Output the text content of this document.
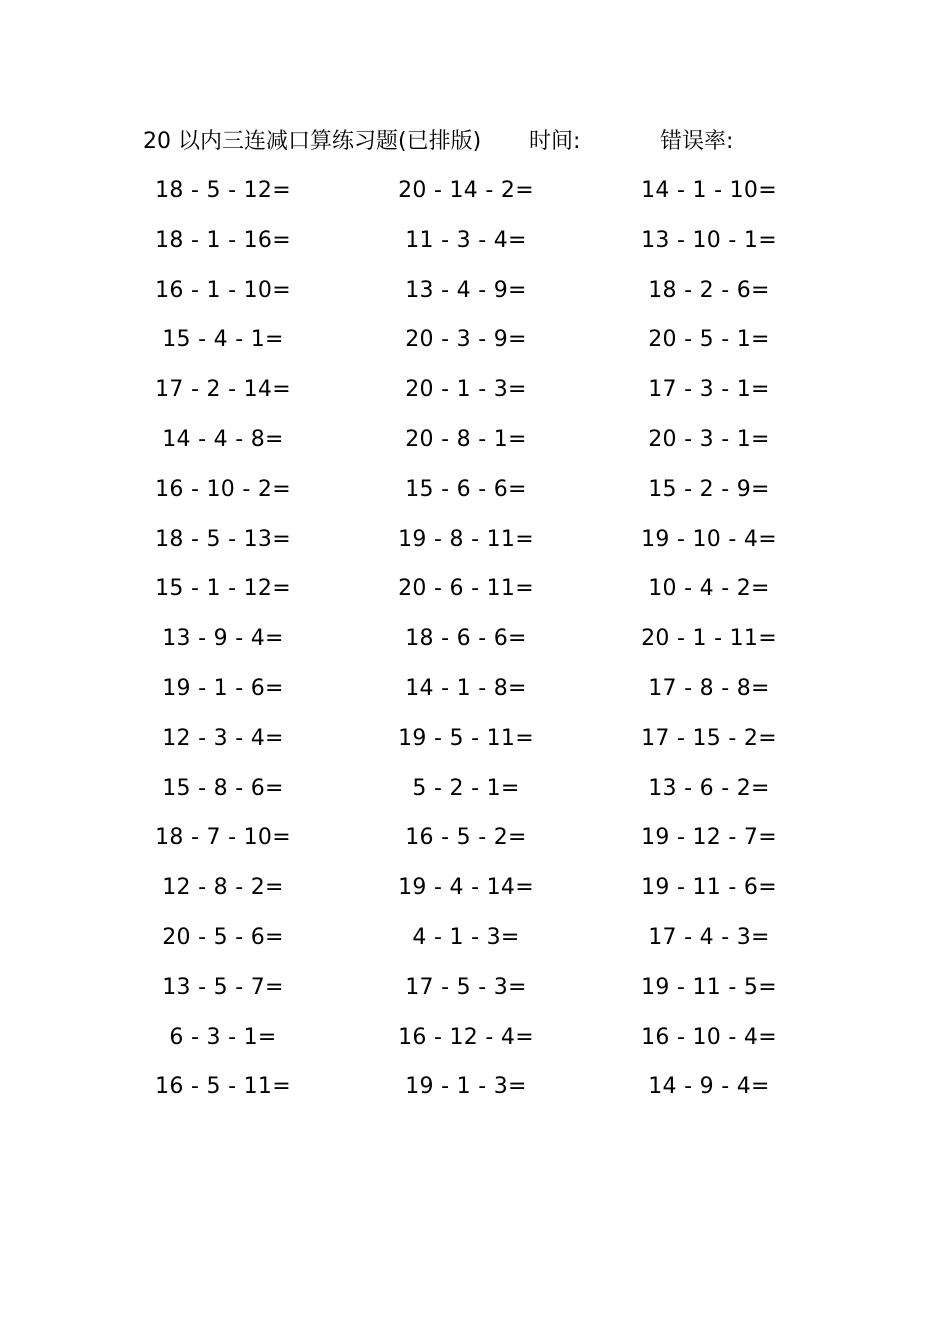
20 以内三连减口算练习题(已排版) 时间:	错误率:
18 - 5 - 12=	20 - 14 - 2=	14 - 1 - 10=
18 - 1 - 16=	11 - 3 - 4=	13 - 10 - 1=
16 - 1 - 10=	13 - 4 - 9=	18 - 2 - 6=
15 - 4 - 1=	20 - 3 - 9=	20 - 5 - 1=
17 - 2 - 14=	20 - 1 - 3=	17 - 3 - 1=
14 - 4 - 8=	20 - 8 - 1=	20 - 3 - 1=
16 - 10 - 2=	15 - 6 - 6=	15 - 2 - 9=
18 - 5 - 13=	19 - 8 - 11=	19 - 10 - 4=
15 - 1 - 12=	20 - 6 - 11=	10 - 4 - 2=
13 - 9 - 4=	18 - 6 - 6=	20 - 1 - 11=
19 - 1 - 6=	14 - 1 - 8=	17 - 8 - 8=
12 - 3 - 4=	19 - 5 - 11=	17 - 15 - 2=
15 - 8 - 6=	5 - 2 - 1=	13 - 6 - 2=
18 - 7 - 10=	16 - 5 - 2=	19 - 12 - 7=
12 - 8 - 2=	19 - 4 - 14=	19 - 11 - 6=
20 - 5 - 6=	4 - 1 - 3=	17 - 4 - 3=
13 - 5 - 7=	17 - 5 - 3=	19 - 11 - 5=
6 - 3 - 1=	16 - 12 - 4=	16 - 10 - 4=
16 - 5 - 11=	19 - 1 - 3=	14 - 9 - 4=
